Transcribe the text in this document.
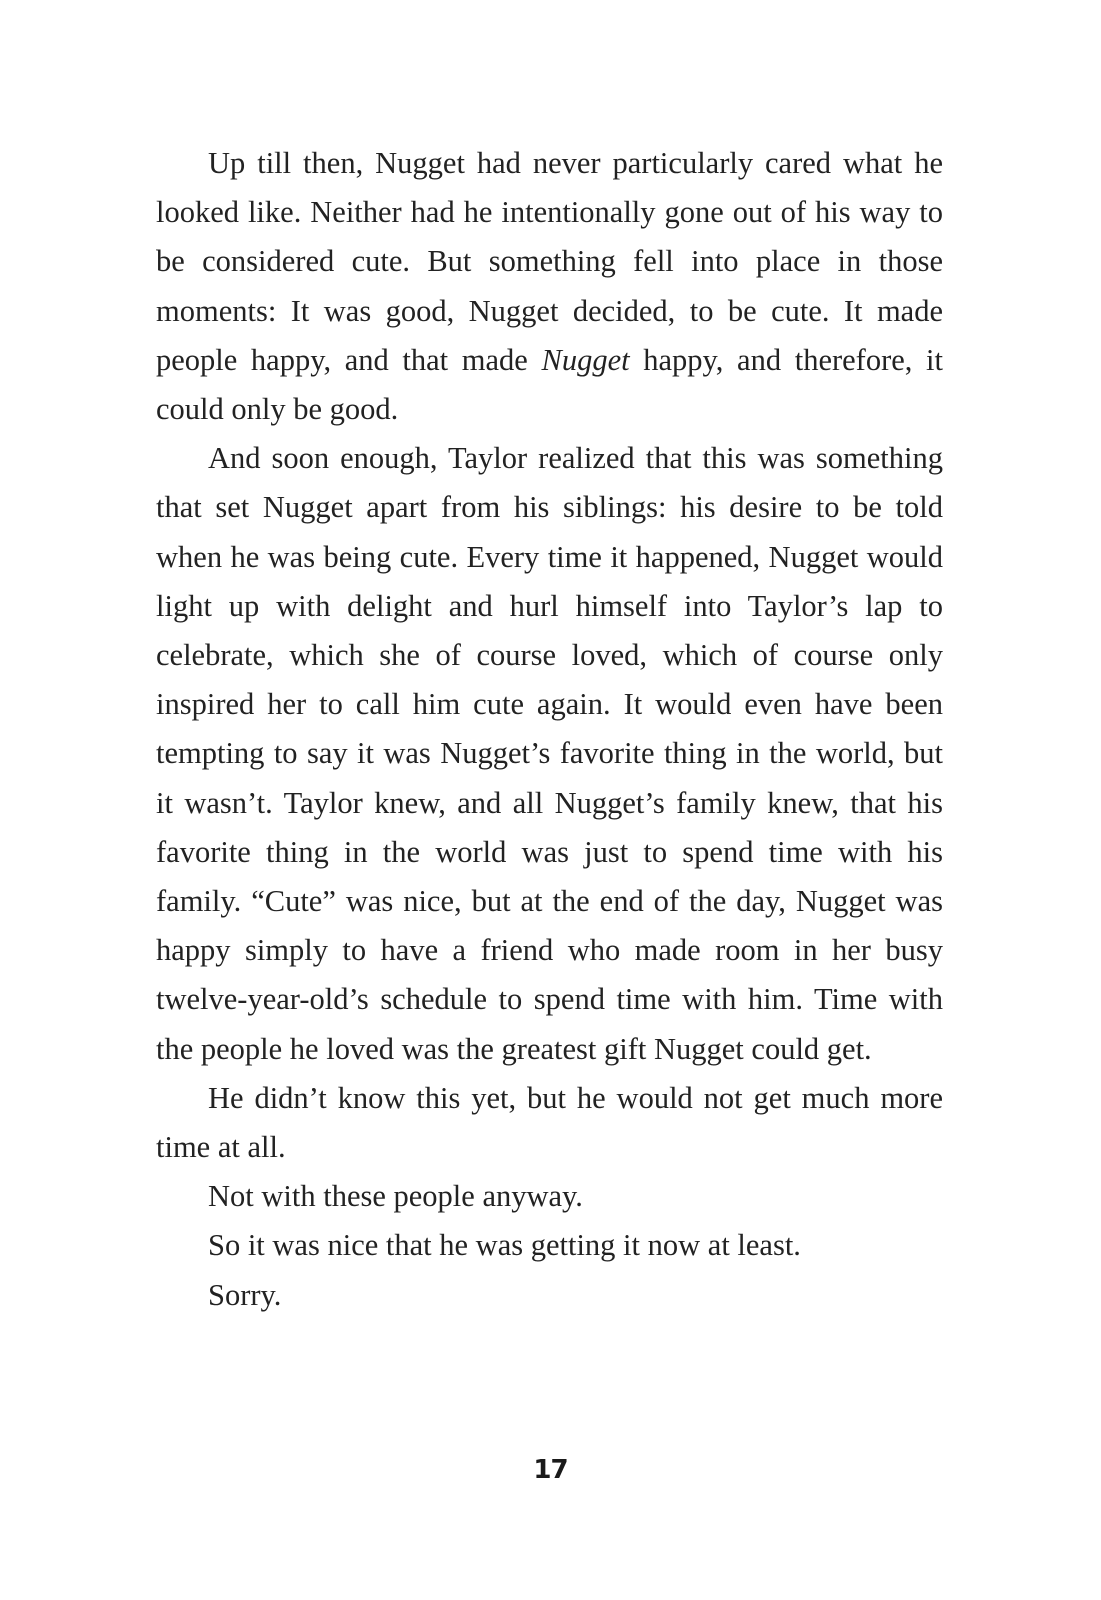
Up till then, Nugget had never particularly cared what he looked like. Neither had he intentionally gone out of his way to be considered cute. But something fell into place in those moments: It was good, Nugget decided, to be cute. It made people happy, and that made Nugget happy, and therefore, it could only be good.

And soon enough, Taylor realized that this was something that set Nugget apart from his siblings: his desire to be told when he was being cute. Every time it happened, Nugget would light up with delight and hurl himself into Taylor’s lap to celebrate, which she of course loved, which of course only inspired her to call him cute again. It would even have been tempting to say it was Nugget’s favorite thing in the world, but it wasn’t. Taylor knew, and all Nugget’s family knew, that his favorite thing in the world was just to spend time with his family. “Cute” was nice, but at the end of the day, Nugget was happy simply to have a friend who made room in her busy twelve-year-old’s schedule to spend time with him. Time with the people he loved was the greatest gift Nugget could get.

He didn’t know this yet, but he would not get much more time at all.

Not with these people anyway.

So it was nice that he was getting it now at least.

Sorry.

17
